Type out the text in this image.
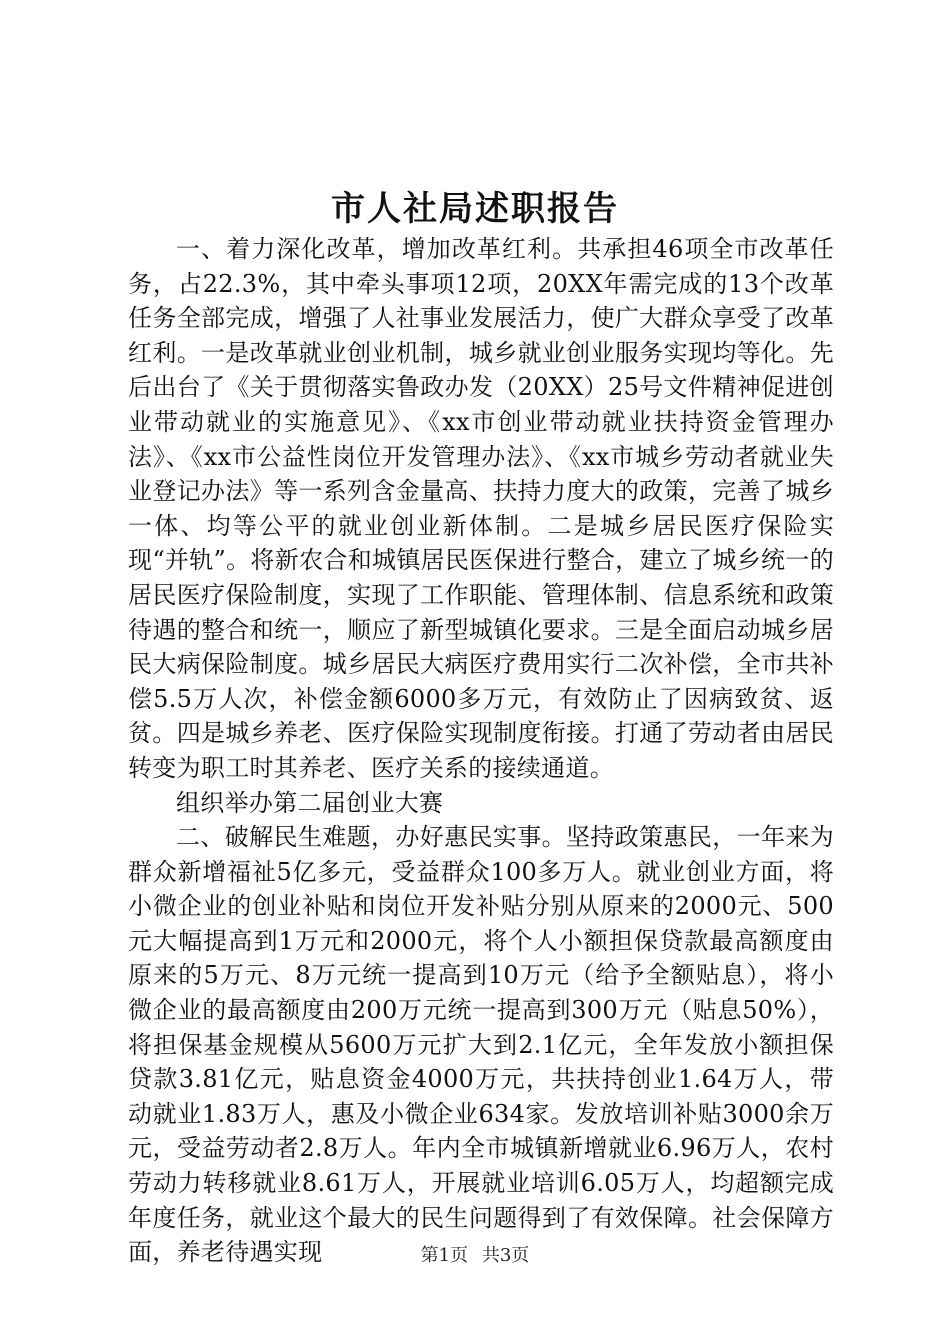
市人社局述职报告

一、着力深化改革，增加改革红利。共承担46项全市改革任务，占22.3%，其中牵头事项12项，20XX年需完成的13个改革任务全部完成，增强了人社事业发展活力，使广大群众享受了改革红利。一是改革就业创业机制，城乡就业创业服务实现均等化。先后出台了《关于贯彻落实鲁政办发（20XX）25号文件精神促进创业带动就业的实施意见》、《xx市创业带动就业扶持资金管理办法》、《xx市公益性岗位开发管理办法》、《xx市城乡劳动者就业失业登记办法》等一系列含金量高、扶持力度大的政策，完善了城乡一体、均等公平的就业创业新体制。二是城乡居民医疗保险实现“并轨”。将新农合和城镇居民医保进行整合，建立了城乡统一的居民医疗保险制度，实现了工作职能、管理体制、信息系统和政策待遇的整合和统一，顺应了新型城镇化要求。三是全面启动城乡居民大病保险制度。城乡居民大病医疗费用实行二次补偿，全市共补偿5.5万人次，补偿金额6000多万元，有效防止了因病致贫、返贫。四是城乡养老、医疗保险实现制度衔接。打通了劳动者由居民转变为职工时其养老、医疗关系的接续通道。

组织举办第二届创业大赛

二、破解民生难题，办好惠民实事。坚持政策惠民，一年来为群众新增福祉5亿多元，受益群众100多万人。就业创业方面，将小微企业的创业补贴和岗位开发补贴分别从原来的2000元、500元大幅提高到1万元和2000元，将个人小额担保贷款最高额度由原来的5万元、8万元统一提高到10万元（给予全额贴息），将小微企业的最高额度由200万元统一提高到300万元（贴息50%），将担保基金规模从5600万元扩大到2.1亿元，全年发放小额担保贷款3.81亿元，贴息资金4000万元，共扶持创业1.64万人，带动就业1.83万人，惠及小微企业634家。发放培训补贴3000余万元，受益劳动者2.8万人。年内全市城镇新增就业6.96万人，农村劳动力转移就业8.61万人，开展就业培训6.05万人，均超额完成年度任务，就业这个最大的民生问题得到了有效保障。社会保障方面，养老待遇实现	第1页 共3页
